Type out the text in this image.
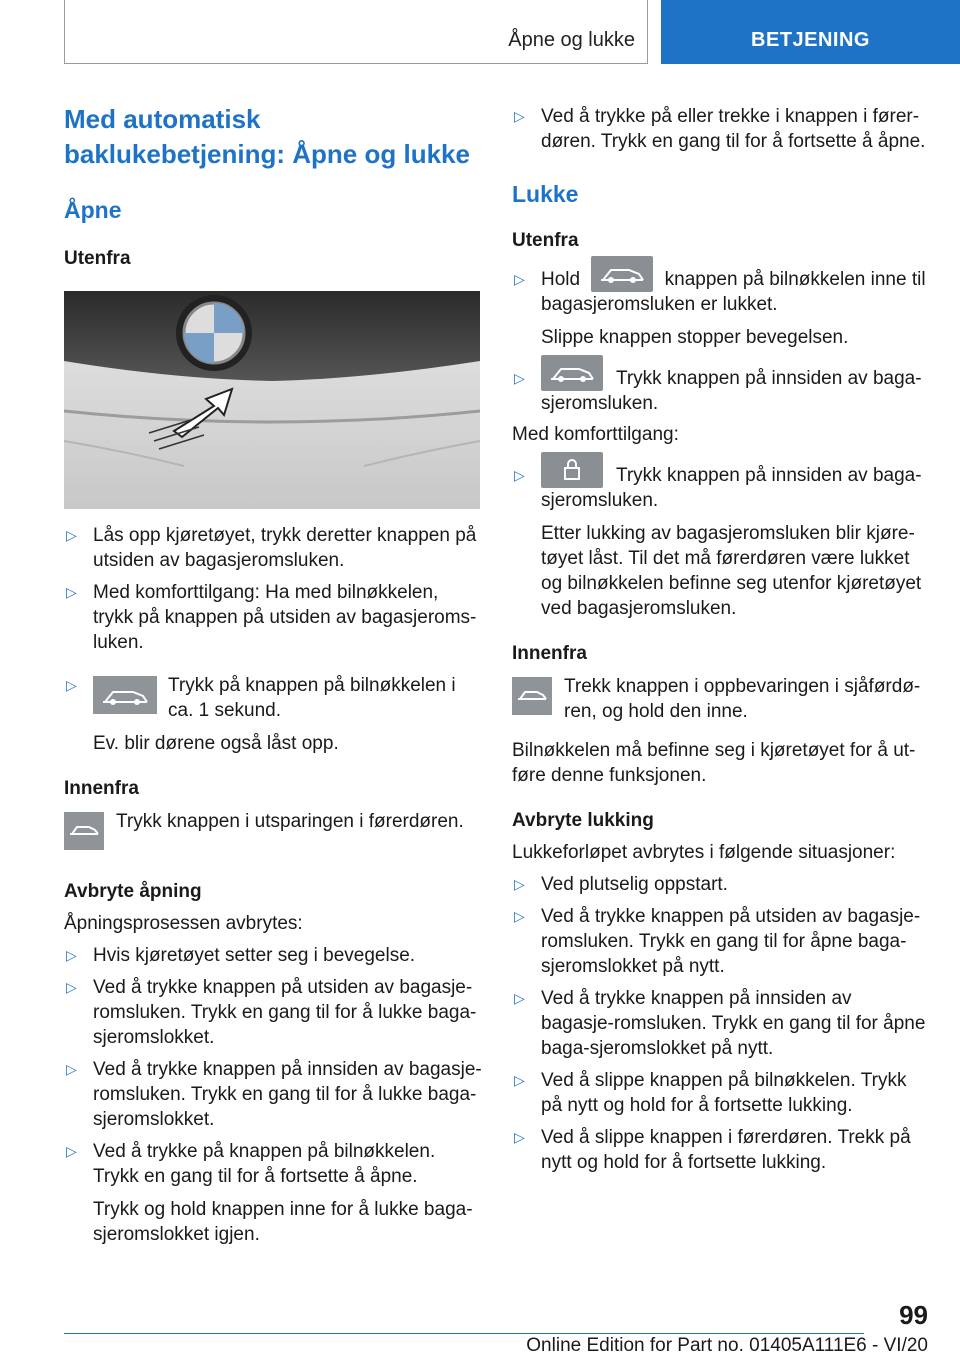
Åpne og lukke	BETJENING
Med automatisk
baklukebetjening: Åpne og lukke
Åpne
Utenfra
▷ Lås opp kjøretøyet, trykk deretter knappen på utsiden av bagasjeromsluken.
▷ Med komforttilgang: Ha med bilnøkkelen, trykk på knappen på utsiden av bagasjeroms-luken.
▷	Trykk på knappen på bilnøkkelen i ca. 1 sekund.

Ev. blir dørene også låst opp.

Innenfra
Trykk knappen i utsparingen i førerdøren.
Avbryte åpning

Åpningsprosessen avbrytes:

▷ Hvis kjøretøyet setter seg i bevegelse.
▷ Ved å trykke knappen på utsiden av bagasje-romsluken. Trykk en gang til for å lukke baga-sjeromslokket.
▷ Ved å trykke knappen på innsiden av bagasje-romsluken. Trykk en gang til for å lukke baga-sjeromslokket.
▷ Ved å trykke på knappen på bilnøkkelen. Trykk en gang til for å fortsette å åpne.

Trykk og hold knappen inne for å lukke baga-sjeromslokket igjen.

▷ Ved å trykke på eller trekke i knappen i fører-døren. Trykk en gang til for å fortsette å åpne.
Lukke
Utenfra
▷ Hold	knappen på bilnøkkelen inne til bagasjeromsluken er lukket.

Slippe knappen stopper bevegelsen.

▷	Trykk knappen på innsiden av baga-sjeromsluken.

Med komforttilgang:

▷	Trykk knappen på innsiden av baga-sjeromsluken.

Etter lukking av bagasjeromsluken blir kjøre-tøyet låst. Til det må førerdøren være lukket og bilnøkkelen befinne seg utenfor kjøretøyet ved bagasjeromsluken.

Innenfra
Trekk knappen i oppbevaringen i sjåførdø-ren, og hold den inne.

Bilnøkkelen må befinne seg i kjøretøyet for å ut-føre denne funksjonen.

Avbryte lukking

Lukkeforløpet avbrytes i følgende situasjoner:

▷ Ved plutselig oppstart.
▷ Ved å trykke knappen på utsiden av bagasje-romsluken. Trykk en gang til for åpne baga-sjeromslokket på nytt.
▷ Ved å trykke knappen på innsiden av bagasje-romsluken. Trykk en gang til for åpne baga-sjeromslokket på nytt.
▷ Ved å slippe knappen på bilnøkkelen. Trykk på nytt og hold for å fortsette lukking.
▷ Ved å slippe knappen i førerdøren. Trekk på nytt og hold for å fortsette lukking.
99
Online Edition for Part no. 01405A111E6 - VI/20
